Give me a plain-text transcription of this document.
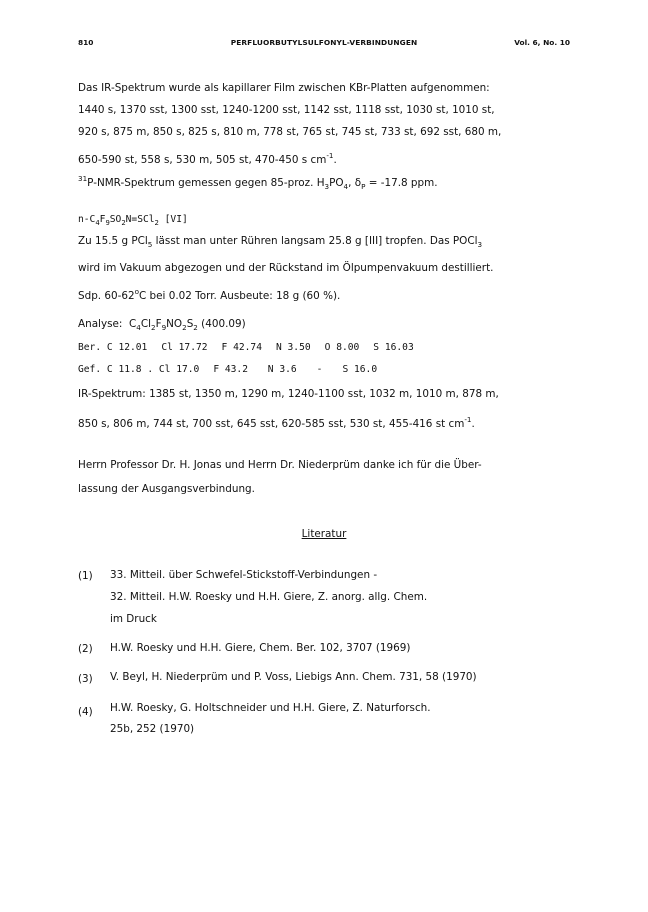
810	PERFLUORBUTYLSULFONYL-VERBINDUNGEN	Vol. 6, No. 10
Das IR-Spektrum wurde als kapillarer Film zwischen KBr-Platten aufgenommen:
1440 s, 1370 sst, 1300 sst, 1240-1200 sst, 1142 sst, 1118 sst, 1030 st, 1010 st,
920 s, 875 m, 850 s, 825 s, 810 m, 778 st, 765 st, 745 st, 733 st, 692 sst, 680 m,
650-590 st, 558 s, 530 m, 505 st, 470-450 s $cm^{-1}$.
$^{31}$P-NMR-Spektrum gemessen gegen 85-proz. $H_3PO_4$, $\delta_P = -17.8$ ppm.
$n-C_4F_9SO_2N=SCl_2$ [VI]
Zu 15.5 g PCl$_5$ lässt man unter Rühren langsam 25.8 g [III] tropfen. Das POCl$_3$
wird im Vakuum abgezogen und der Rückstand im Ölpumpenvakuum destilliert.
Sdp. 60-62$^o$C bei 0.02 Torr. Ausbeute: 18 g (60 %).
Analyse: $C_4Cl_2F_9NO_2S_2$ (400.09)
Ber. C 12.01 Cl 17.72 F 42.74 N 3.50 O 8.00 S 16.03
Gef. C 11.8 . Cl 17.0 F 43.2 N 3.6 - S 16.0
IR-Spektrum: 1385 st, 1350 m, 1290 m, 1240-1100 sst, 1032 m, 1010 m, 878 m,
850 s, 806 m, 744 st, 700 sst, 645 sst, 620-585 sst, 530 st, 455-416 st $cm^{-1}$.
Herrn Professor Dr. H. Jonas und Herrn Dr. Niederprüm danke ich für die Über-
lassung der Ausgangsverbindung.
Literatur
(1) 33. Mitteil. über Schwefel-Stickstoff-Verbindungen -
32. Mitteil. H.W. Roesky und H.H. Giere, Z. anorg. allg. Chem.
im Druck
(2) H.W. Roesky und H.H. Giere, Chem. Ber. 102, 3707 (1969)
(3) V. Beyl, H. Niederprüm und P. Voss, Liebigs Ann. Chem. 731, 58 (1970)
(4) H.W. Roesky, G. Holtschneider und H.H. Giere, Z. Naturforsch.
25b, 252 (1970)
